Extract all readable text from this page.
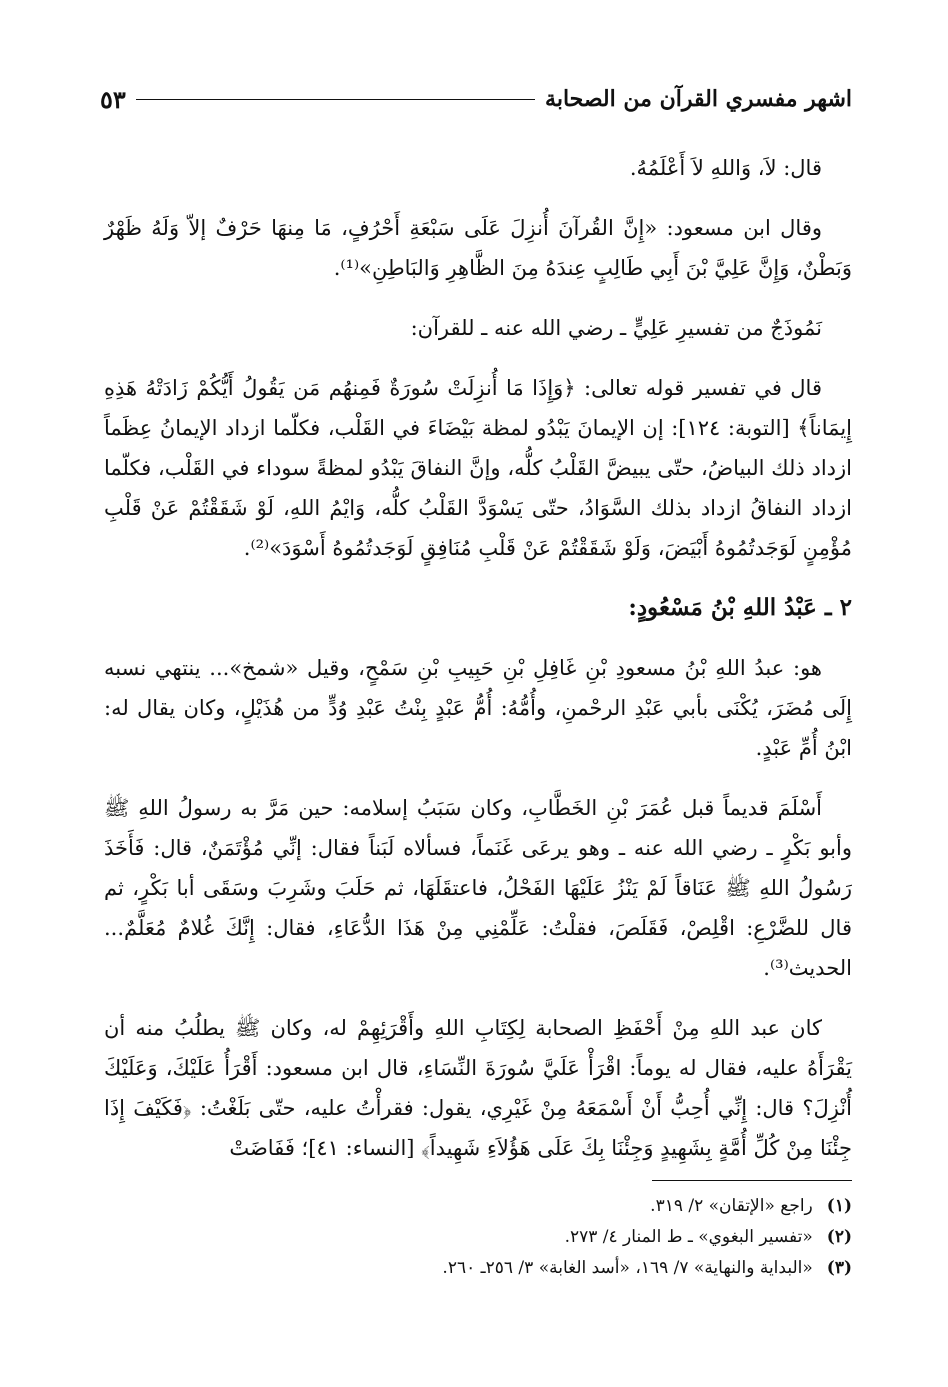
اشهر مفسري القرآن من الصحابة
٥٣

قال: لاَ، وَاللهِ لاَ أَعْلَمُهُ.

وقال ابن مسعود: «إِنَّ القُرآنَ أُنزِلَ عَلَى سَبْعَةِ أَحْرُفٍ، مَا مِنهَا حَرْفٌ إلاّ وَلَهُ ظَهْرٌ وَبَطْنٌ، وَإِنَّ عَلِيَّ بْنَ أَبِي طَالِبٍ عِندَهُ مِنَ الظَّاهِرِ وَالبَاطِنِ»⁽¹⁾.

نَمُوذَجٌ من تفسيرِ عَلِيٍّ ـ رضي الله عنه ـ للقرآن:

قال في تفسير قوله تعالى: ﴿وَإِذَا مَا أُنزِلَتْ سُورَةٌ فَمِنهُم مَن يَقُولُ أَيُّكُمْ زَادَتْهُ هَذِهِ إِيمَاناً﴾ [التوبة: ١٢٤]: إن الإيمانَ يَبْدُو لمظة بَيْضَاءَ في القَلْب، فكلّما ازداد الإيمانُ عِظَماً ازداد ذلك البياضُ، حتّى يبيضَّ القَلْبُ كلُّه، وإنَّ النفاقَ يَبْدُو لمظةً سوداء في القَلْب، فكلّما ازداد النفاقُ ازداد بذلك السَّوَادُ، حتّى يَسْوَدَّ القَلْبُ كلُّه، وَايْمُ اللهِ، لَوْ شَقَقْتُمْ عَنْ قَلْبِ مُؤْمِنٍ لَوَجَدتُمُوهُ أَبْيَضَ، وَلَوْ شَقَقْتُمْ عَنْ قَلْبِ مُنَافِقٍ لَوَجَدتُمُوهُ أَسْوَدَ»⁽²⁾.

٢ ـ عَبْدُ اللهِ بْنُ مَسْعُودٍ:

هو: عبدُ اللهِ بْنُ مسعودِ بْنِ غَافِلِ بْنِ حَبِيبِ بْنِ سَمْحٍ، وقيل «شمخ»... ينتهي نسبه إِلَى مُضَرَ، يُكْنَى بأبي عَبْدِ الرحْمنِ، وأُمُّهُ: أُمُّ عَبْدٍ بِنْتُ عَبْدِ وُدٍّ من هُذَيْلٍ، وكان يقال له: ابْنُ أُمِّ عَبْدٍ.

أَسْلَمَ قديماً قبل عُمَرَ بْنِ الخَطَّابِ، وكان سَبَبُ إسلامه: حين مَرَّ به رسولُ اللهِ ﷺ وأبو بَكْرٍ ـ رضي الله عنه ـ وهو يرعَى غَنَماً، فسألاه لَبَناً فقال: إنِّي مُؤْتَمَنٌ، قال: فَأَخَذَ رَسُولُ اللهِ ﷺ عَنَاقاً لَمْ يَنْزُ عَلَيْهَا الفَحْلُ، فاعتقَلَهَا، ثم حَلَبَ وشَرِبَ وسَقَى أبا بَكْرٍ، ثم قال للضَّرْعِ: اقْلِصْ، فَقَلَصَ، فقلْتُ: عَلِّمْنِي مِنْ هَذَا الدُّعَاءِ، فقال: إِنَّكَ غُلامٌ مُعَلَّمٌ... الحديث⁽³⁾.

كان عبد اللهِ مِنْ أَحْفَظِ الصحابة لِكِتَابِ اللهِ وأَقْرَئِهِمْ له، وكان ﷺ يطلُبُ منه أن يَقْرَأَهُ عليه، فقال له يوماً: اقْرَأْ عَلَيَّ سُورَةَ النِّسَاءِ، قال ابن مسعود: أَقْرَأُ عَلَيْكَ، وَعَلَيْكَ أُنْزِلَ؟ قال: إِنِّي أُحِبُّ أَنْ أَسْمَعَهُ مِنْ غَيْرِي، يقول: فقرأْتُ عليه، حتّى بَلَغْتُ: ﴿فَكَيْفَ إِذَا جِئْنَا مِنْ كُلِّ أُمَّةٍ بِشَهِيدٍ وَجِئْنَا بِكَ عَلَى هَؤُلاَءِ شَهِيداً﴾ [النساء: ٤١]؛ فَفَاضَتْ

(١)راجع «الإتقان» ٢/ ٣١٩.
(٢)«تفسير البغوي» ـ ط المنار ٤/ ٢٧٣.
(٣)«البداية والنهاية» ٧/ ١٦٩، «أسد الغابة» ٣/ ٢٥٦ـ ٢٦٠.
